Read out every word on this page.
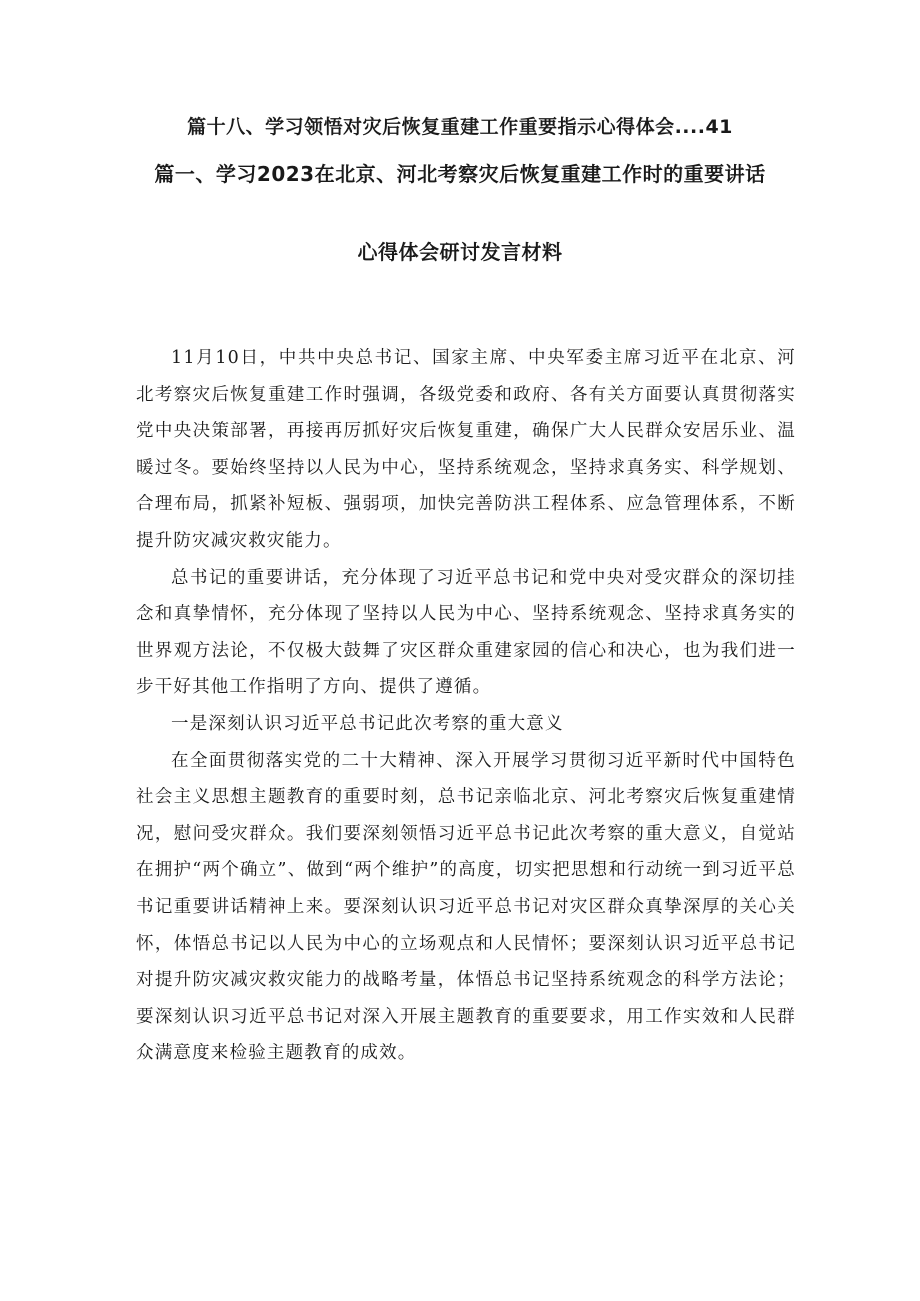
篇十八、学习领悟对灾后恢复重建工作重要指示心得体会....41
篇一、学习2023在北京、河北考察灾后恢复重建工作时的重要讲话
心得体会研讨发言材料

11月10日，中共中央总书记、国家主席、中央军委主席习近平在北京、河北考察灾后恢复重建工作时强调，各级党委和政府、各有关方面要认真贯彻落实党中央决策部署，再接再厉抓好灾后恢复重建，确保广大人民群众安居乐业、温暖过冬。要始终坚持以人民为中心，坚持系统观念，坚持求真务实、科学规划、合理布局，抓紧补短板、强弱项，加快完善防洪工程体系、应急管理体系，不断提升防灾减灾救灾能力。

总书记的重要讲话，充分体现了习近平总书记和党中央对受灾群众的深切挂念和真挚情怀，充分体现了坚持以人民为中心、坚持系统观念、坚持求真务实的世界观方法论，不仅极大鼓舞了灾区群众重建家园的信心和决心，也为我们进一步干好其他工作指明了方向、提供了遵循。

一是深刻认识习近平总书记此次考察的重大意义

在全面贯彻落实党的二十大精神、深入开展学习贯彻习近平新时代中国特色社会主义思想主题教育的重要时刻，总书记亲临北京、河北考察灾后恢复重建情况，慰问受灾群众。我们要深刻领悟习近平总书记此次考察的重大意义，自觉站在拥护“两个确立”、做到“两个维护”的高度，切实把思想和行动统一到习近平总书记重要讲话精神上来。要深刻认识习近平总书记对灾区群众真挚深厚的关心关怀，体悟总书记以人民为中心的立场观点和人民情怀；要深刻认识习近平总书记对提升防灾减灾救灾能力的战略考量，体悟总书记坚持系统观念的科学方法论；要深刻认识习近平总书记对深入开展主题教育的重要要求，用工作实效和人民群众满意度来检验主题教育的成效。
